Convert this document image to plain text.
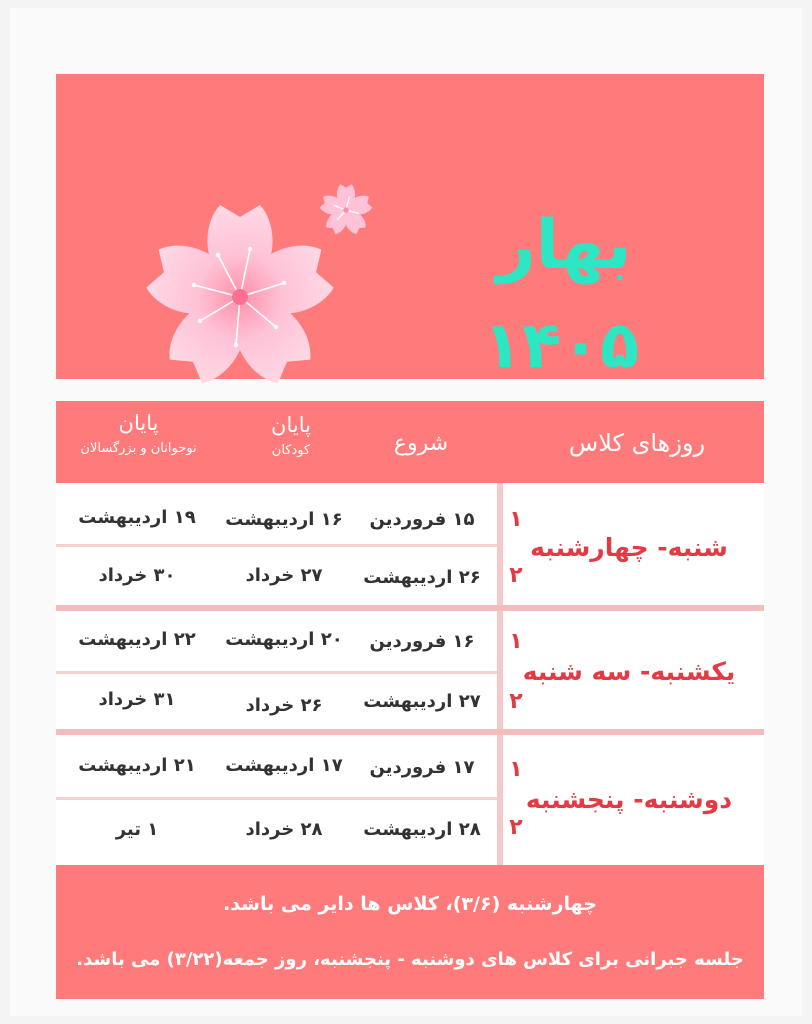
بهار
۱۴۰۵
روزهای کلاس
شروع
پایان
کودکان
پایان
نوجوانان و بزرگسالان
شنبه- چهارشنبه
۱
۱۵ فروردین
۱۶ اردیبهشت
۱۹ اردیبهشت
۲
۲۶ اردیبهشت
۲۷ خرداد
۳۰ خرداد
یکشنبه- سه شنبه
۱
۱۶ فروردین
۲۰ اردیبهشت
۲۲ اردیبهشت
۲
۲۷ اردیبهشت
۲۶ خرداد
۳۱ خرداد
دوشنبه- پنجشنبه
۱
۱۷ فروردین
۱۷ اردیبهشت
۲۱ اردیبهشت
۲
۲۸ اردیبهشت
۲۸ خرداد
۱ تیر
چهارشنبه (۳/۶)، کلاس ها دایر می باشد.
جلسه جبرانی برای کلاس های دوشنبه - پنجشنبه، روز جمعه(۳/۲۲) می باشد.
